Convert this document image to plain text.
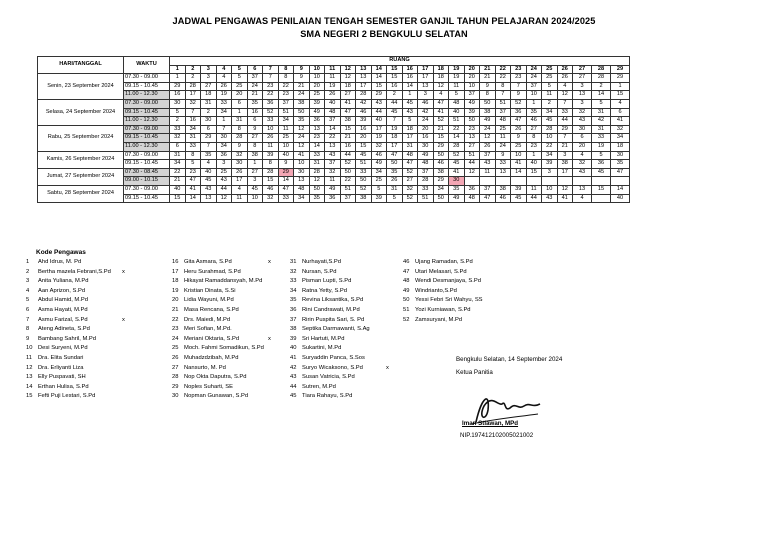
JADWAL PENGAWAS PENILAIAN TENGAH SEMESTER GANJIL TAHUN PELAJARAN 2024/2025
SMA NEGERI 2 BENGKULU SELATAN
HARI/TANGGAL	WAKTU	RUANG																												
		1	2	3	4	5	6	7	8	9	10	11	12	13	14	15	16	17	18	19	20	21	22	23	24	25	26	27	28	29
Senin, 23 September 2024	07.30 - 09.00	1	2	3	4	5	37	7	8	9	10	11	12	13	14	15	16	17	18	19	20	21	22	23	24	25	26	27	28	29
	09.15 - 10.45	29	28	27	26	25	24	23	22	21	20	19	18	17	15	16	14	13	12	11	10	9	8	7	37	5	4	3	2	1
	11.00 - 12.30	16	17	18	19	20	21	22	23	24	25	26	27	28	29	2	1	3	4	5	37	8	7	9	10	11	12	13	14	15
Selasa, 24 September 2024	07.30 - 09.00	30	32	31	33	6	35	36	37	38	39	40	41	42	43	44	45	46	47	48	49	50	51	52	1	2	7	3	5	4
	09.15 - 10.45	5	7	2	34	1	16	52	51	50	49	48	47	46	44	45	43	42	41	40	39	38	37	36	35	34	33	32	31	6
	11.00 - 12.30	2	16	30	1	31	6	33	34	35	36	37	38	39	40	7	5	24	52	51	50	49	48	47	46	45	44	43	42	41
Rabu, 25 September 2024	07.30 - 09.00	33	34	6	7	8	9	10	11	12	13	14	15	16	17	19	18	20	21	22	23	24	25	26	27	28	29	30	31	32
	09.15 - 10.45	32	31	29	30	28	27	26	25	24	23	22	21	20	19	18	17	16	15	14	13	12	11	9	8	10	7	6	33	34
	11.00 - 12.30	6	33	7	34	9	8	11	10	12	14	13	16	15	32	17	31	30	29	28	27	26	24	25	23	22	21	20	19	18
Kamis, 26 September 2024	07.30 - 09.00	31	8	35	36	32	38	39	40	41	33	43	44	45	46	47	48	49	50	52	51	37	9	10	1	34	3	4	5	30
	09.15 - 10.45	34	5	4	3	30	1	8	9	10	31	37	52	51	49	50	47	48	46	45	44	43	33	41	40	39	38	32	36	35
Jumat, 27 September 2024	07.30 - 08.45	22	23	40	25	26	27	28	29	30	28	32	50	33	34	35	52	37	38	41	12	11	13	14	15	3	17	43	45	47
	09.00 - 10.15	21	47	45	43	17	3	15	14	13	12	11	22	50	25	26	27	28	29	30										
Sabtu, 28 September 2024	07.30 - 09.00	40	41	43	44	4	45	46	47	48	50	49	51	52	5	31	32	33	34	35	36	37	38	39	11	10	12	13	15	14
	09.15 - 10.45	15	14	13	12	11	10	32	33	34	35	36	37	38	39	5	52	51	50	49	48	47	46	45	44	43	41	4		40
Kode Pengawas
1 Ahd Idrus, M. Pd
2 Bertha mazela Febrani,S.Pd x
3 Anita Yuliana, M.Pd
4 Aan Aprizon, S.Pd
5 Abdul Hamid, M.Pd
6 Asma Hayati, M.Pd
7 Asmu Farizal, S.Pd	x
8 Ateng Adineta, S.Pd
9 Bambang Sahril, M.Pd
10 Desi Suryeni, M.Pd
11 Dra. Elita Sundari
12 Dra. Erliyanti Liza
13 Elly Puspavati, SH
14 Erthan Hulisa, S.Pd
15 Fefti Puji Lestari, S.Pd
16 Gita Asmara, S.Pd	x
17 Heru Surahmad, S.Pd
18 Hikayat Ramaddansyah, M.Pd
19 Kristian Dinata, S.Si
20 Lidia Wayuni, M.Pd
21 Masa Rencana, S.Pd
22 Drs. Maiedi, M.Pd
23 Meri Sofian, M.Pd.
24 Meriani Oktaria, S.Pd	x
25 Moch. Fahmi Somadikun, S.Pd
26 Muhadzdzibah, M.Pd
27 Nansurto, M. Pd
28 Nop Okta Daputra, S.Pd
29 Noples Suharti, SE
30 Nopman Gunawan, S.Pd
31 Nurhayati,S.Pd
32 Nursan, S.Pd
33 Pisman Lupti, S.Pd
34 Ratna Yetty, S.Pd
35 Revina Liksantika, S.Pd
36 Rini Candrawati, M.Pd
37 Ririn Puspita Sari, S. Pd
38 Septika Darmawanti, S.Ag
39 Sri Hartuti, M.Pd
40 Sukartini, M.Pd
41 Suryaddin Panca, S.Sos
42 Suryo Wicaksono, S.Pd	x
43 Susan Vatricia, S.Pd
44 Sutren, M.Pd
45 Tiara Rahayu, S.Pd
46 Ujang Ramadan, S.Pd
47 Utari Melasari, S.Pd
48 Wendi Desmanjaya, S.Pd
49 Windrianto,S.Pd
50 Yessi Febri Sri Wahyu, SS
51 Yozi Kurniawan, S.Pd
52 Zamsuryani, M.Pd
Bengkulu Selatan, 14 September 2024
Ketua Panitia
Iman Stiawan, MPd
NIP.197412102005021002
